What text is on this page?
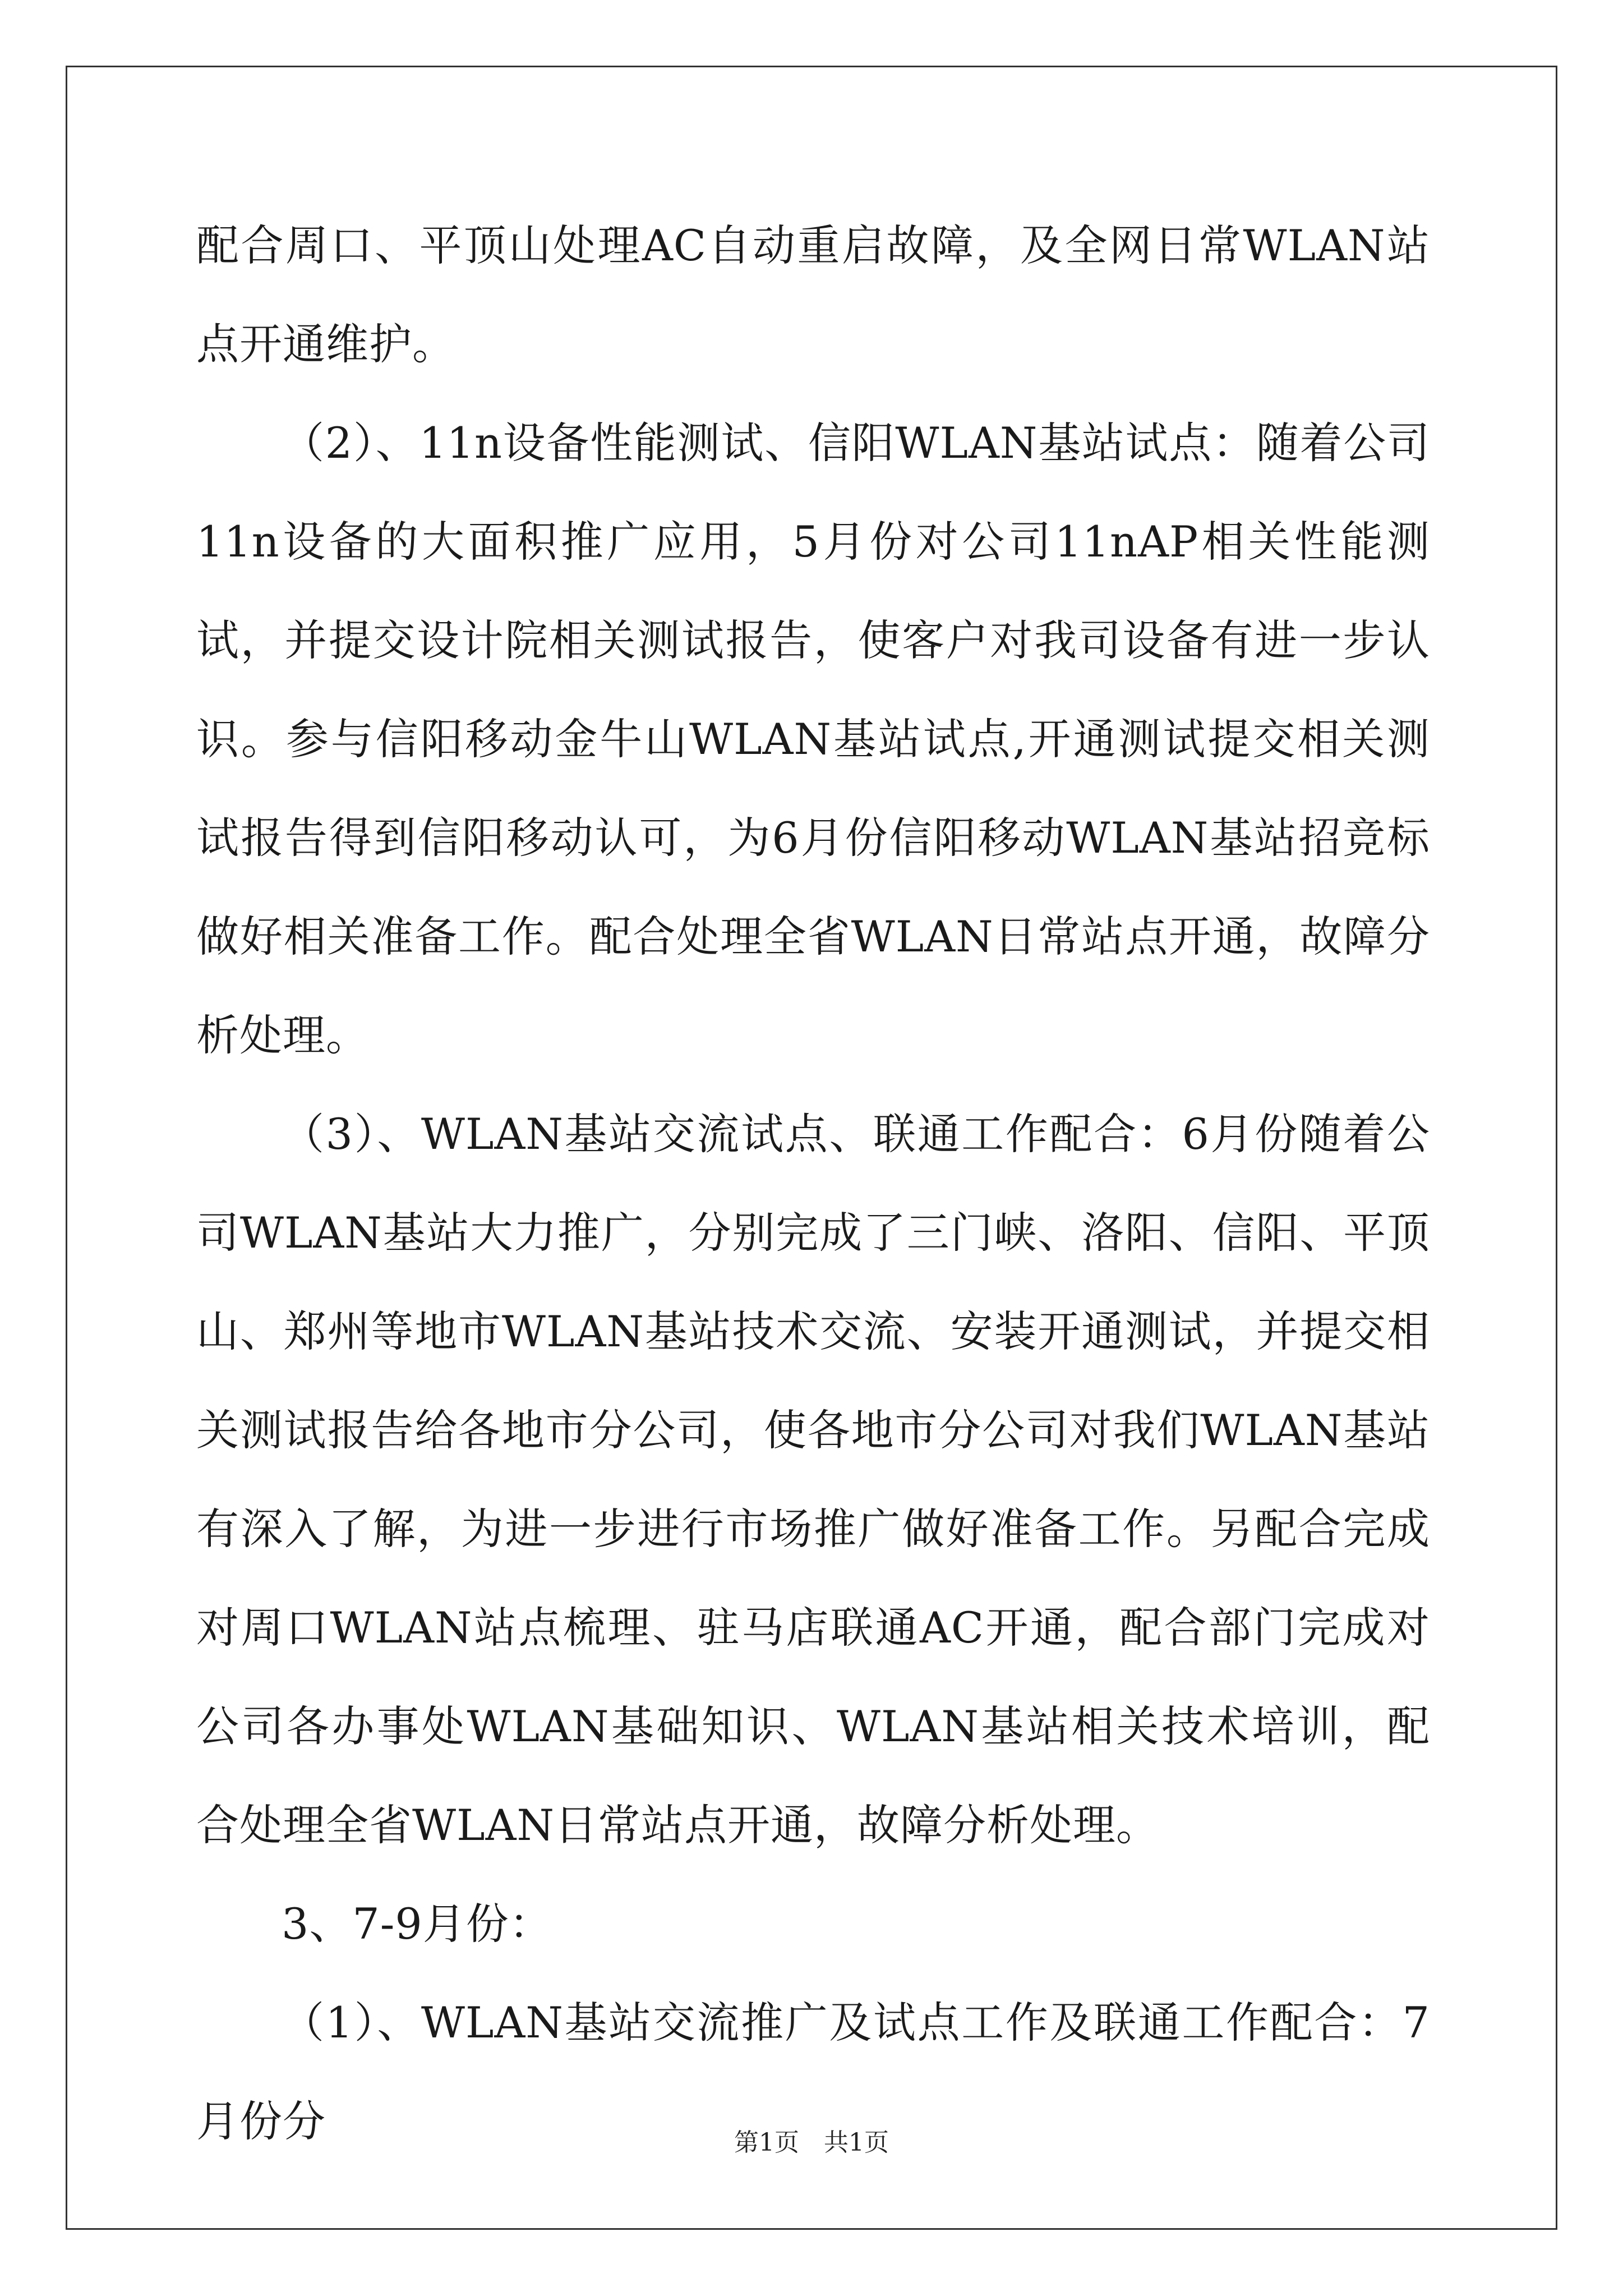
配合周口、平顶山处理AC自动重启故障，及全网日常WLAN站点开通维护。

（2）、11n设备性能测试、信阳WLAN基站试点：随着公司11n设备的大面积推广应用，5月份对公司11nAP相关性能测试，并提交设计院相关测试报告，使客户对我司设备有进一步认识。参与信阳移动金牛山WLAN基站试点,开通测试提交相关测试报告得到信阳移动认可，为6月份信阳移动WLAN基站招竞标做好相关准备工作。配合处理全省WLAN日常站点开通，故障分析处理。

（3）、WLAN基站交流试点、联通工作配合：6月份随着公司WLAN基站大力推广，分别完成了三门峡、洛阳、信阳、平顶山、郑州等地市WLAN基站技术交流、安装开通测试，并提交相关测试报告给各地市分公司，使各地市分公司对我们WLAN基站有深入了解，为进一步进行市场推广做好准备工作。另配合完成对周口WLAN站点梳理、驻马店联通AC开通，配合部门完成对公司各办事处WLAN基础知识、WLAN基站相关技术培训，配合处理全省WLAN日常站点开通，故障分析处理。

3、7-9月份：

（1）、WLAN基站交流推广及试点工作及联通工作配合：7月份分	第1页　共1页
